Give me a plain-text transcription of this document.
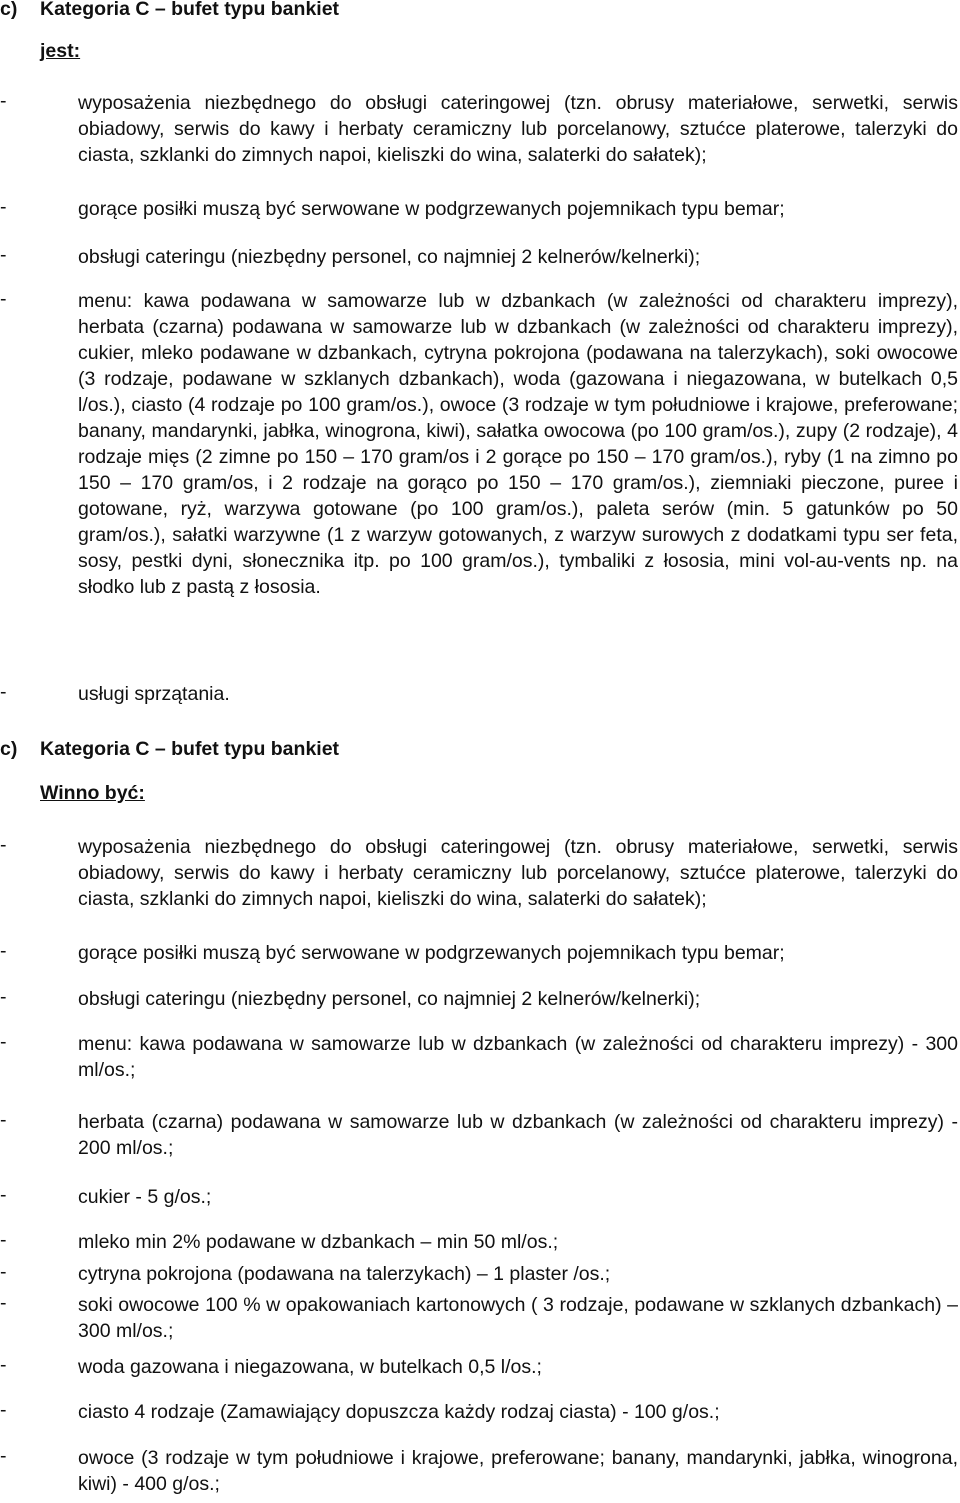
c) Kategoria C – bufet typu bankiet
jest:
-	wyposażenia niezbędnego do obsługi cateringowej (tzn. obrusy materiałowe, serwetki, serwis obiadowy, serwis do kawy i herbaty ceramiczny lub porcelanowy, sztućce platerowe, talerzyki do ciasta, szklanki do zimnych napoi, kieliszki do wina, salaterki do sałatek);
-	gorące posiłki muszą być serwowane w podgrzewanych pojemnikach typu bemar;
-	obsługi cateringu (niezbędny personel, co najmniej 2 kelnerów/kelnerki);
-	menu: kawa podawana w samowarze lub w dzbankach (w zależności od charakteru imprezy), herbata (czarna) podawana w samowarze lub w dzbankach (w zależności od charakteru imprezy), cukier, mleko podawane w dzbankach, cytryna pokrojona (podawana na talerzykach), soki owocowe (3 rodzaje, podawane w szklanych dzbankach), woda (gazowana i niegazowana, w butelkach 0,5 l/os.), ciasto (4 rodzaje po 100 gram/os.), owoce (3 rodzaje w tym południowe i krajowe, preferowane; banany, mandarynki, jabłka, winogrona, kiwi), sałatka owocowa (po 100 gram/os.), zupy (2 rodzaje), 4 rodzaje mięs (2 zimne po 150 – 170 gram/os i 2 gorące po 150 – 170 gram/os.), ryby (1 na zimno po 150 – 170 gram/os, i 2 rodzaje na gorąco po 150 – 170 gram/os.), ziemniaki pieczone, puree i gotowane, ryż, warzywa gotowane (po 100 gram/os.), paleta serów (min. 5 gatunków po 50 gram/os.), sałatki warzywne (1 z warzyw gotowanych, z warzyw surowych z dodatkami typu ser feta, sosy, pestki dyni, słonecznika itp. po 100 gram/os.), tymbaliki z łososia, mini vol-au-vents np. na słodko lub z pastą z łososia.
-	usługi sprzątania.
c) Kategoria C – bufet typu bankiet
Winno być:
-	wyposażenia niezbędnego do obsługi cateringowej (tzn. obrusy materiałowe, serwetki, serwis obiadowy, serwis do kawy i herbaty ceramiczny lub porcelanowy, sztućce platerowe, talerzyki do ciasta, szklanki do zimnych napoi, kieliszki do wina, salaterki do sałatek);
-	gorące posiłki muszą być serwowane w podgrzewanych pojemnikach typu bemar;
-	obsługi cateringu (niezbędny personel, co najmniej 2 kelnerów/kelnerki);
-	menu: kawa podawana w samowarze lub w dzbankach (w zależności od charakteru imprezy) - 300 ml/os.;
-	herbata (czarna) podawana w samowarze lub w dzbankach (w zależności od charakteru imprezy) - 200 ml/os.;
-	cukier - 5 g/os.;
-	mleko min 2% podawane w dzbankach – min 50 ml/os.;
-	cytryna pokrojona (podawana na talerzykach) – 1 plaster /os.;
-	soki owocowe 100 % w opakowaniach kartonowych ( 3 rodzaje, podawane w szklanych dzbankach) – 300 ml/os.;
-	woda gazowana i niegazowana, w butelkach 0,5 l/os.;
-	ciasto 4 rodzaje (Zamawiający dopuszcza każdy rodzaj ciasta) - 100 g/os.;
-	owoce (3 rodzaje w tym południowe i krajowe, preferowane; banany, mandarynki, jabłka, winogrona, kiwi) - 400 g/os.;
